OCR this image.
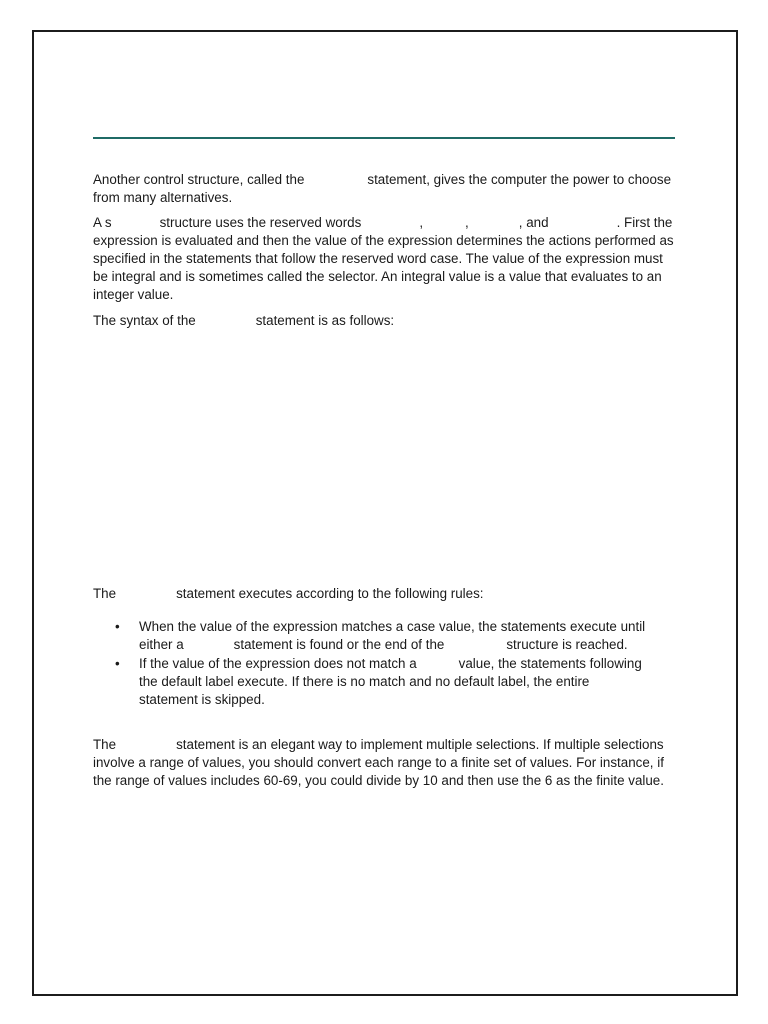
Another control structure, called the	statement, gives the computer the power to choose from many alternatives.

A s	structure uses the reserved words	,	,	, and	. First the expression is evaluated and then the value of the expression determines the actions performed as specified in the statements that follow the reserved word case. The value of the expression must be integral and is sometimes called the selector. An integral value is a value that evaluates to an integer value.

The syntax of the	statement is as follows:

The	statement executes according to the following rules:

• When the value of the expression matches a case value, the statements execute until either a	statement is found or the end of the	structure is reached.
• If the value of the expression does not match a	value, the statements following the default label execute. If there is no match and no default label, the entirestatement is skipped.

The	statement is an elegant way to implement multiple selections. If multiple selections involve a range of values, you should convert each range to a finite set of values. For instance, if the range of values includes 60-69, you could divide by 10 and then use the 6 as the finite value.
